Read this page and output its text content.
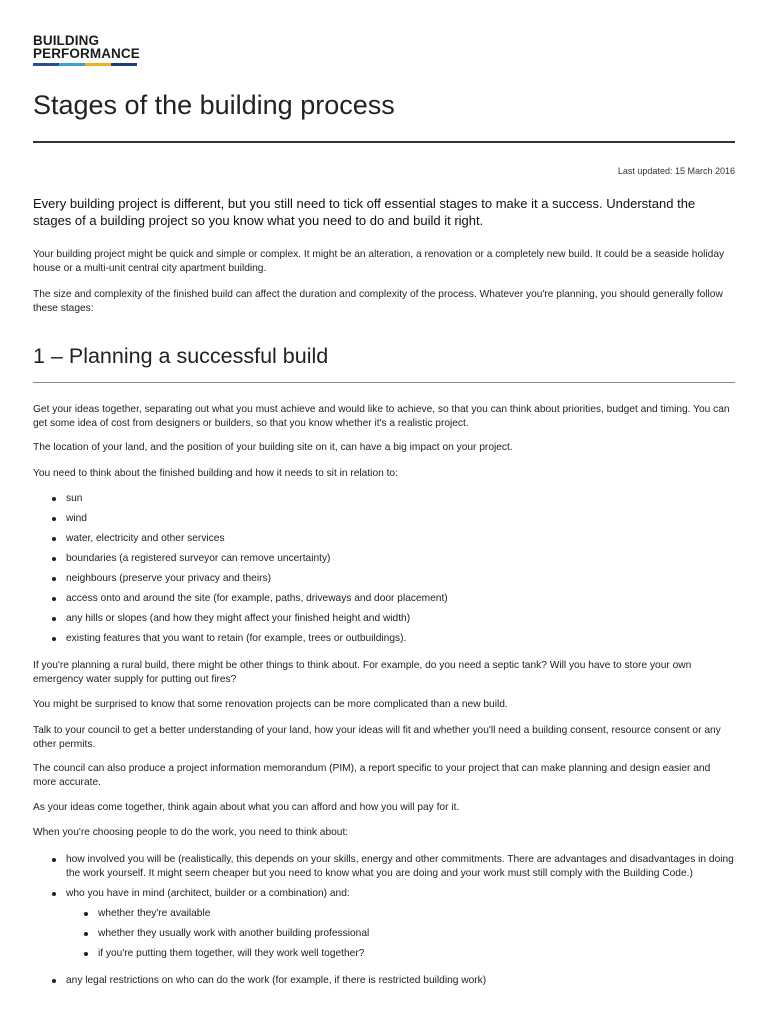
BUILDING
PERFORMANCE
Stages of the building process
Last updated: 15 March 2016

Every building project is different, but you still need to tick off essential stages to make it a success. Understand the stages of a building project so you know what you need to do and build it right.

Your building project might be quick and simple or complex. It might be an alteration, a renovation or a completely new build. It could be a seaside holiday house or a multi-unit central city apartment building.

The size and complexity of the finished build can affect the duration and complexity of the process. Whatever you're planning, you should generally follow these stages:

1 – Planning a successful build

Get your ideas together, separating out what you must achieve and would like to achieve, so that you can think about priorities, budget and timing. You can get some idea of cost from designers or builders, so that you know whether it's a realistic project.

The location of your land, and the position of your building site on it, can have a big impact on your project.

You need to think about the finished building and how it needs to sit in relation to:

sun
wind
water, electricity and other services
boundaries (a registered surveyor can remove uncertainty)
neighbours (preserve your privacy and theirs)
access onto and around the site (for example, paths, driveways and door placement)
any hills or slopes (and how they might affect your finished height and width)
existing features that you want to retain (for example, trees or outbuildings).

If you're planning a rural build, there might be other things to think about. For example, do you need a septic tank? Will you have to store your own emergency water supply for putting out fires?

You might be surprised to know that some renovation projects can be more complicated than a new build.

Talk to your council to get a better understanding of your land, how your ideas will fit and whether you'll need a building consent, resource consent or any other permits.

The council can also produce a project information memorandum (PIM), a report specific to your project that can make planning and design easier and more accurate.

As your ideas come together, think again about what you can afford and how you will pay for it.

When you're choosing people to do the work, you need to think about:

how involved you will be (realistically, this depends on your skills, energy and other commitments. There are advantages and disadvantages in doing the work yourself. It might seem cheaper but you need to know what you are doing and your work must still comply with the Building Code.)
who you have in mind (architect, builder or a combination) and:
whether they're available
whether they usually work with another building professional
if you're putting them together, will they work well together?
any legal restrictions on who can do the work (for example, if there is restricted building work)
